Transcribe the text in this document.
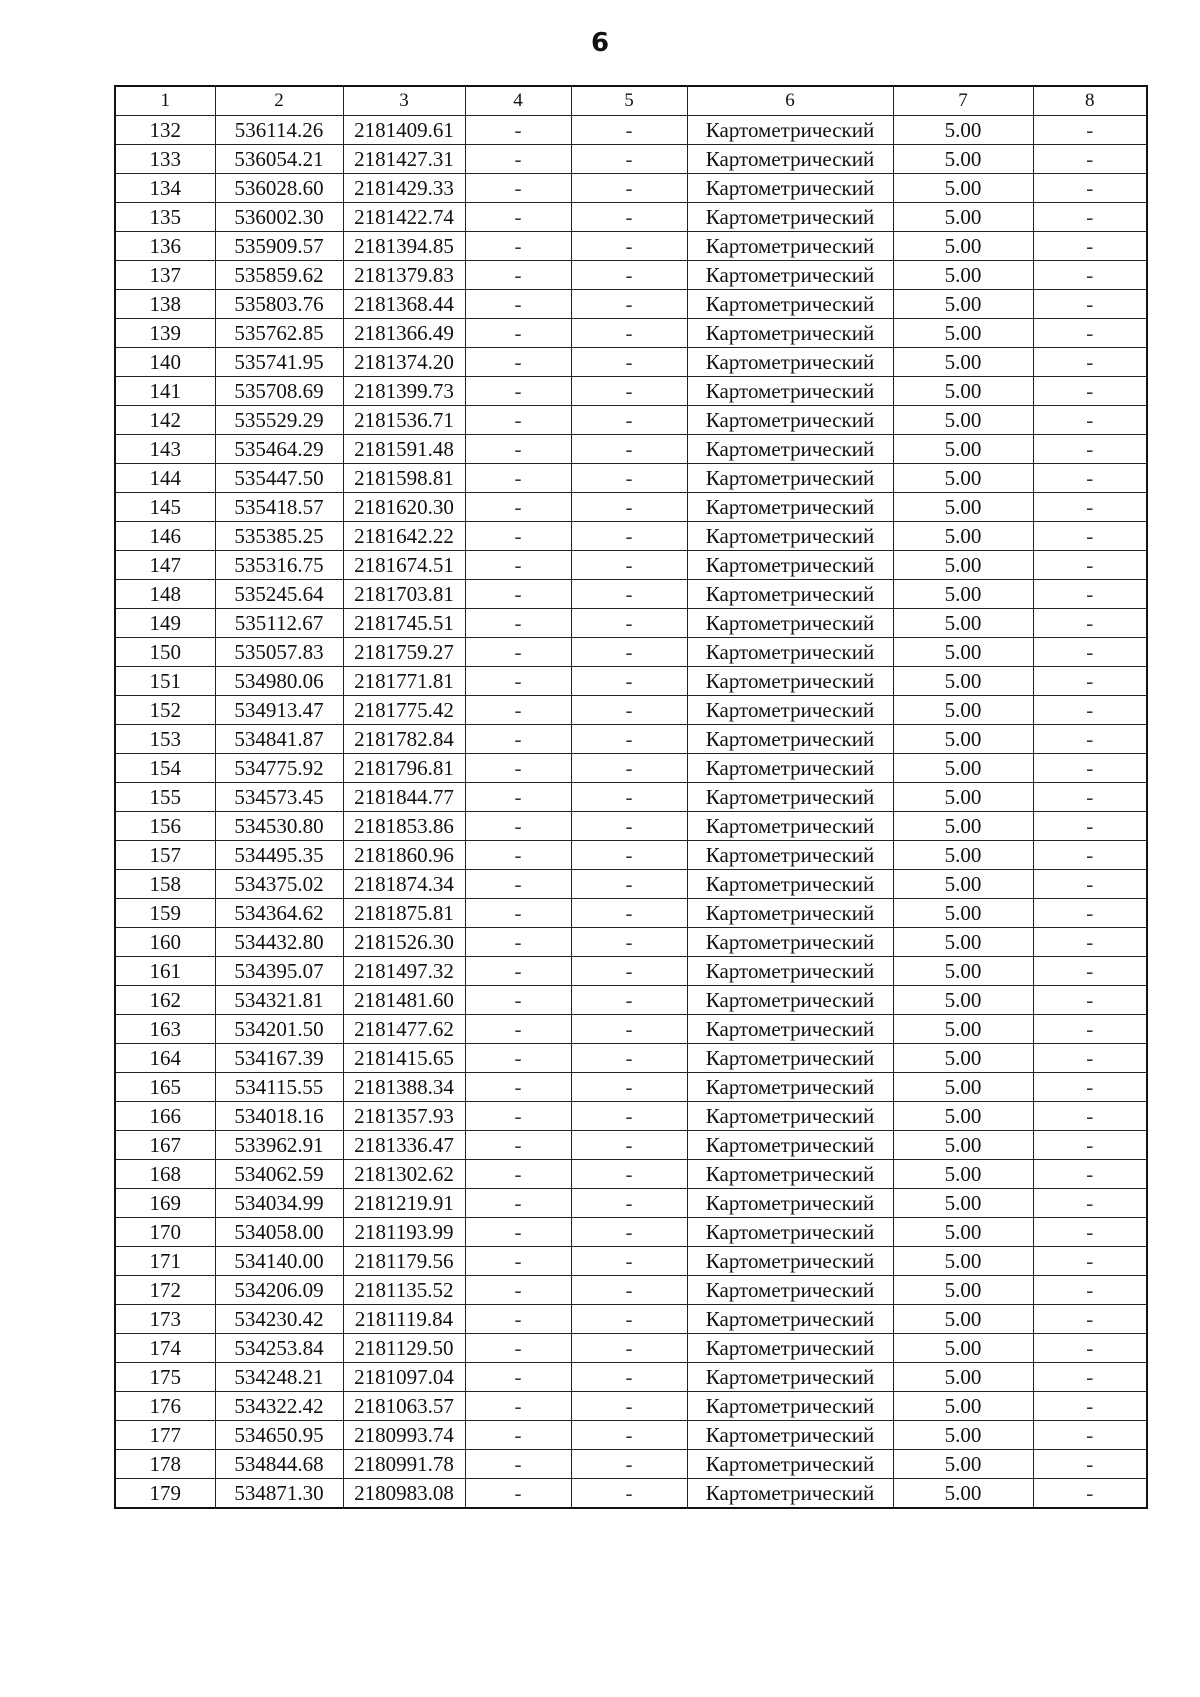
6
1	2	3	4	5	6	7	8
132	536114.26	2181409.61	-	-	Картометрический	5.00	-
133	536054.21	2181427.31	-	-	Картометрический	5.00	-
134	536028.60	2181429.33	-	-	Картометрический	5.00	-
135	536002.30	2181422.74	-	-	Картометрический	5.00	-
136	535909.57	2181394.85	-	-	Картометрический	5.00	-
137	535859.62	2181379.83	-	-	Картометрический	5.00	-
138	535803.76	2181368.44	-	-	Картометрический	5.00	-
139	535762.85	2181366.49	-	-	Картометрический	5.00	-
140	535741.95	2181374.20	-	-	Картометрический	5.00	-
141	535708.69	2181399.73	-	-	Картометрический	5.00	-
142	535529.29	2181536.71	-	-	Картометрический	5.00	-
143	535464.29	2181591.48	-	-	Картометрический	5.00	-
144	535447.50	2181598.81	-	-	Картометрический	5.00	-
145	535418.57	2181620.30	-	-	Картометрический	5.00	-
146	535385.25	2181642.22	-	-	Картометрический	5.00	-
147	535316.75	2181674.51	-	-	Картометрический	5.00	-
148	535245.64	2181703.81	-	-	Картометрический	5.00	-
149	535112.67	2181745.51	-	-	Картометрический	5.00	-
150	535057.83	2181759.27	-	-	Картометрический	5.00	-
151	534980.06	2181771.81	-	-	Картометрический	5.00	-
152	534913.47	2181775.42	-	-	Картометрический	5.00	-
153	534841.87	2181782.84	-	-	Картометрический	5.00	-
154	534775.92	2181796.81	-	-	Картометрический	5.00	-
155	534573.45	2181844.77	-	-	Картометрический	5.00	-
156	534530.80	2181853.86	-	-	Картометрический	5.00	-
157	534495.35	2181860.96	-	-	Картометрический	5.00	-
158	534375.02	2181874.34	-	-	Картометрический	5.00	-
159	534364.62	2181875.81	-	-	Картометрический	5.00	-
160	534432.80	2181526.30	-	-	Картометрический	5.00	-
161	534395.07	2181497.32	-	-	Картометрический	5.00	-
162	534321.81	2181481.60	-	-	Картометрический	5.00	-
163	534201.50	2181477.62	-	-	Картометрический	5.00	-
164	534167.39	2181415.65	-	-	Картометрический	5.00	-
165	534115.55	2181388.34	-	-	Картометрический	5.00	-
166	534018.16	2181357.93	-	-	Картометрический	5.00	-
167	533962.91	2181336.47	-	-	Картометрический	5.00	-
168	534062.59	2181302.62	-	-	Картометрический	5.00	-
169	534034.99	2181219.91	-	-	Картометрический	5.00	-
170	534058.00	2181193.99	-	-	Картометрический	5.00	-
171	534140.00	2181179.56	-	-	Картометрический	5.00	-
172	534206.09	2181135.52	-	-	Картометрический	5.00	-
173	534230.42	2181119.84	-	-	Картометрический	5.00	-
174	534253.84	2181129.50	-	-	Картометрический	5.00	-
175	534248.21	2181097.04	-	-	Картометрический	5.00	-
176	534322.42	2181063.57	-	-	Картометрический	5.00	-
177	534650.95	2180993.74	-	-	Картометрический	5.00	-
178	534844.68	2180991.78	-	-	Картометрический	5.00	-
179	534871.30	2180983.08	-	-	Картометрический	5.00	-
